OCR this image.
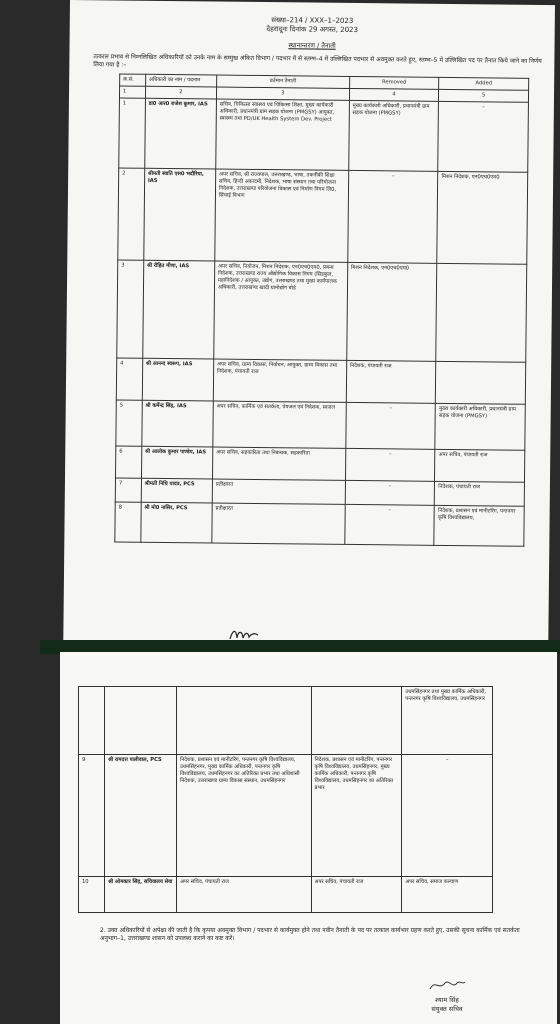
संख्या–214 / XXX–1–2023
देहरादूनः दिनांक 29 अगस्त, 2023
स्थानान्तरण / तैनाती
तत्काल प्रभाव से निम्नलिखित अधिकारियों को उनके नाम के सम्मुख अंकित विभाग / पदभार में से स्तम्भ–4 में उल्लिखित पदभार से अवमुक्त करते हुए, स्तम्भ–5 में उल्लिखित पद पर तैनात किये जाने का निर्णय लिया गया है :–
क्र.सं.	अधिकारी का नाम / पदनाम	वर्तमान तैनाती	Removed	Added
1	2	3	4	5
1	डा0 आर0 राजेश कुमार, IAS	सचिव, चिकित्सा स्वास्थ्य एवं चिकित्सा शिक्षा, मुख्य कार्यकारी अधिकारी, प्रधानमंत्री ग्राम सड़क योजना (PMGSY) आयुक्त, स्वास्थ्य तथा PD/UK Health System Dev. Project	मुख्य कार्यकारी अधिकारी, प्रधानमंत्री ग्राम सड़क योजना (PMGSY)	–
2	श्रीमती स्वाति एस0 भदौरिया, IAS	अपर सचिव, श्री राज्यपाल, उत्तराखण्ड, भाषा, तकनीकी शिक्षा सचिव, हिन्दी अकादमी, निदेशक, भाषा संस्थान तथा परियोजना निदेशक, उत्तराखण्ड परियोजना विकास एवं निर्माण निगम लि0, सिंचाई विभाग	–	मिशन निदेशक, एन0एच0एम0
3	श्री रोहित मीणा, IAS	अपर सचिव, नियोजन, मिशन निदेशक, एन0एच0एम0, प्रबन्ध निदेशक, उत्तराखण्ड राज्य औद्योगिक विकास निगम (सिडकुल, महानिदेशक / आयुक्त, उद्योग, उत्तराखण्ड तथा मुख्य कार्यपालक अधिकारी, उत्तराखण्ड खादी ग्रामोद्योग बोर्ड	मिशन निदेशक, एन0एच0एम0	
4	श्री आनन्द स्वरूप, IAS	अपर सचिव, ग्राम्य विकास, निर्वाचन, आयुक्त, ग्राम्य विकास तथा निदेशक, पंचायती राज	निदेशक, पंचायती राज	
5	श्री कर्मेन्द्र सिंह, IAS	अपर सचिव, कार्मिक एवं सतर्कता, पेयजल एवं निदेशक, स्वजल	–	मुख्य कार्यकारी अधिकारी, प्रधानमंत्री ग्राम सड़क योजना (PMGSY)
6	श्री आलोक कुमार पाण्डेय, IAS	अपर सचिव, सहकारिता तथा निबन्धक, सहकारिता	–	अपर सचिव, पंचायती राज
7	श्रीमती निधि यादव, PCS	प्रतीक्षारत	–	निदेशक, पंचायती राज
8	श्री मो0 नासिर, PCS	प्रतीक्षारत	–	निदेशक, प्रशासन एवं मानीटरिंग, पन्तनगर कृषि विश्वविद्यालय,
				उधमसिंहनगर तथा मुख्य कार्मिक अधिकारी, पन्तनगर कृषि विश्वविद्यालय, उधमसिंहनगर
9	श्री रामदत्त पालीवाल, PCS	निदेशक, प्रशासन एवं मानीटरिंग, पन्तनगर कृषि विश्वविद्यालय, उधमसिंहनगर, मुख्य कार्मिक अधिकारी, पन्तनगर कृषि विश्वविद्यालय, उधमसिंहनगर का अतिरिक्त प्रभार तथा अधिशासी निदेशक, उत्तराखण्ड ग्राम्य विकास संस्थान, उधमसिंहनगर	निदेशक, प्रशासन एवं मानीटरिंग, पन्तनगर कृषि विश्वविद्यालय, उधमसिंहनगर, मुख्य कार्मिक अधिकारी, पन्तनगर कृषि विश्वविद्यालय, उधमसिंहनगर का अतिरिक्त प्रभार	–
10	श्री ओमकार सिंह, सचिवालय सेवा	अपर सचिव, पंचायती राज	अपर सचिव, पंचायती राज	अपर सचिव, समाज कल्याण
2. उक्त अधिकारियों से अपेक्षा की जाती है कि कृपया अवमुक्त विभाग / पदभार से कार्यमुक्त होने तथा नवीन तैनाती के पद पर तत्काल कार्यभार ग्रहण करते हुए, उसकी सूचना कार्मिक एवं सतर्कता अनुभाग–1, उत्तराखण्ड शासन को उपलब्ध कराने का कष्ट करें।
श्याम सिंह
संयुक्त सचिव
